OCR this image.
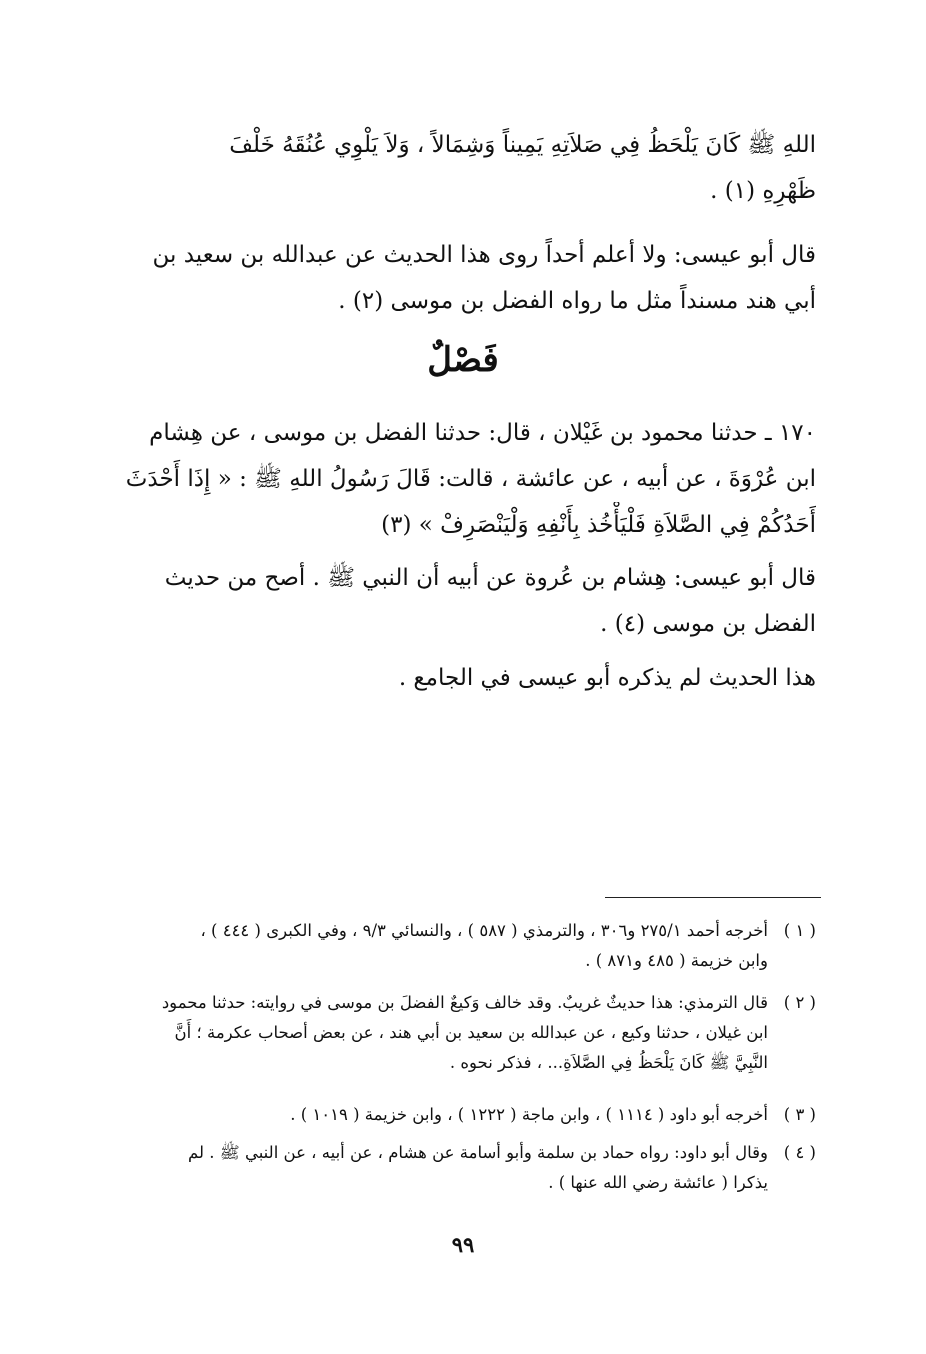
اللهِ ﷺ كَانَ يَلْحَظُ فِي صَلاَتِهِ يَمِيناً وَشِمَالاً ، وَلاَ يَلْوِي عُنُقَهُ خَلْفَ
ظَهْرِهِ (١) .
قال أبو عيسى: ولا أعلم أحداً روى هذا الحديث عن عبدالله بن سعيد بن
أبي هند مسنداً مثل ما رواه الفضل بن موسى (٢) .
فَصْلٌ
١٧٠ ـ حدثنا محمود بن غَيْلان ، قال: حدثنا الفضل بن موسى ، عن هِشام
ابن عُرْوَةَ ، عن أبيه ، عن عائشة ، قالت: قَالَ رَسُولُ اللهِ ﷺ : « إِذَا أَحْدَثَ
أَحَدُكُمْ فِي الصَّلاَةِ فَلْيَأْخُذ بِأَنْفِهِ وَلْيَنْصَرِفْ » (٣)
قال أبو عيسى: هِشام بن عُروة عن أبيه أن النبي ﷺ . أصح من حديث
الفضل بن موسى (٤) .
هذا الحديث لم يذكره أبو عيسى في الجامع .
( ١ )أخرجه أحمد ٢٧٥/١ و٣٠٦ ، والترمذي ( ٥٨٧ ) ، والنسائي ٩/٣ ، وفي الكبرى ( ٤٤٤ ) ،
وابن خزيمة ( ٤٨٥ و٨٧١ ) .
( ٢ )قال الترمذي: هذا حديثٌ غريبٌ. وقد خالف وَكيعٌ الفضلَ بن موسى في روايته: حدثنا محمود
ابن غيلان ، حدثنا وكيع ، عن عبدالله بن سعيد بن أبي هند ، عن بعض أصحاب عكرمة ؛ أَنَّ
النَّبِيَّ ﷺ كَانَ يَلْحَظُ فِي الصَّلاَةِ... ، فذكر نحوه .
( ٣ )أخرجه أبو داود ( ١١١٤ ) ، وابن ماجة ( ١٢٢٢ ) ، وابن خزيمة ( ١٠١٩ ) .
( ٤ )وقال أبو داود: رواه حماد بن سلمة وأبو أسامة عن هشام ، عن أبيه ، عن النبي ﷺ . لم
يذكرا ( عائشة رضي الله عنها ) .
٩٩
